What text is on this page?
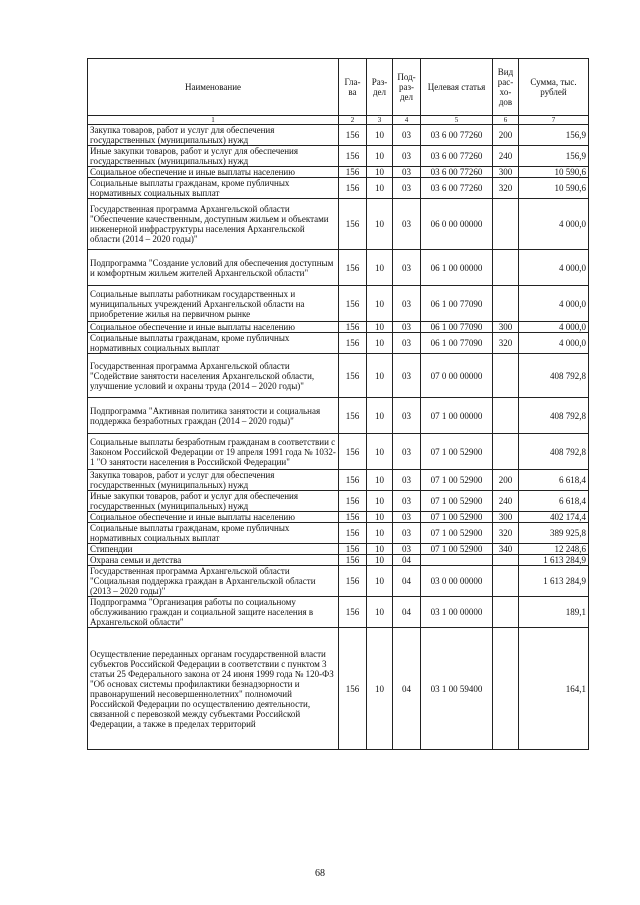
Наименование	Гла-ва	Раз-дел	Под-раз-дел	Целевая статья	Вид рас-хо-дов	Сумма, тыс. рублей
1	2	3	4	5	6	7
Закупка товаров, работ и услуг для обеспечения государственных (муниципальных) нужд	156	10	03	03 6 00 77260	200	156,9
Иные закупки товаров, работ и услуг для обеспечения государственных (муниципальных) нужд	156	10	03	03 6 00 77260	240	156,9
Социальное обеспечение и иные выплаты населению	156	10	03	03 6 00 77260	300	10 590,6
Социальные выплаты гражданам, кроме публичных нормативных социальных выплат	156	10	03	03 6 00 77260	320	10 590,6
Государственная программа Архангельской области "Обеспечение качественным, доступным жильем и объектами инженерной инфраструктуры населения Архангельской области (2014 – 2020 годы)"	156	10	03	06 0 00 00000		4 000,0
Подпрограмма "Создание условий для обеспечения доступным и комфортным жильем жителей Архангельской области"	156	10	03	06 1 00 00000		4 000,0
Социальные выплаты работникам государственных и муниципальных учреждений Архангельской области на приобретение жилья на первичном рынке	156	10	03	06 1 00 77090		4 000,0
Социальное обеспечение и иные выплаты населению	156	10	03	06 1 00 77090	300	4 000,0
Социальные выплаты гражданам, кроме публичных нормативных социальных выплат	156	10	03	06 1 00 77090	320	4 000,0
Государственная программа Архангельской области "Содействие занятости населения Архангельской области, улучшение условий и охраны труда (2014 – 2020 годы)"	156	10	03	07 0 00 00000		408 792,8
Подпрограмма "Активная политика занятости и социальная поддержка безработных граждан (2014 – 2020 годы)"	156	10	03	07 1 00 00000		408 792,8
Социальные выплаты безработным гражданам в соответствии с Законом Российской Федерации от 19 апреля 1991 года № 1032-1 "О занятости населения в Российской Федерации"	156	10	03	07 1 00 52900		408 792,8
Закупка товаров, работ и услуг для обеспечения государственных (муниципальных) нужд	156	10	03	07 1 00 52900	200	6 618,4
Иные закупки товаров, работ и услуг для обеспечения государственных (муниципальных) нужд	156	10	03	07 1 00 52900	240	6 618,4
Социальное обеспечение и иные выплаты населению	156	10	03	07 1 00 52900	300	402 174,4
Социальные выплаты гражданам, кроме публичных нормативных социальных выплат	156	10	03	07 1 00 52900	320	389 925,8
Стипендии	156	10	03	07 1 00 52900	340	12 248,6
Охрана семьи и детства	156	10	04			1 613 284,9
Государственная программа Архангельской области "Социальная поддержка граждан в Архангельской области (2013 – 2020 годы)"	156	10	04	03 0 00 00000		1 613 284,9
Подпрограмма "Организация работы по социальному обслуживанию граждан и социальной защите населения в Архангельской области"	156	10	04	03 1 00 00000		189,1
Осуществление переданных органам государственной власти субъектов Российской Федерации в соответствии с пунктом 3 статьи 25 Федерального закона от 24 июня 1999 года № 120-ФЗ "Об основах системы профилактики безнадзорности и правонарушений несовершеннолетних" полномочий Российской Федерации по осуществлению деятельности, связанной с перевозкой между субъектами Российской Федерации, а также в пределах территорий	156	10	04	03 1 00 59400		164,1
68
